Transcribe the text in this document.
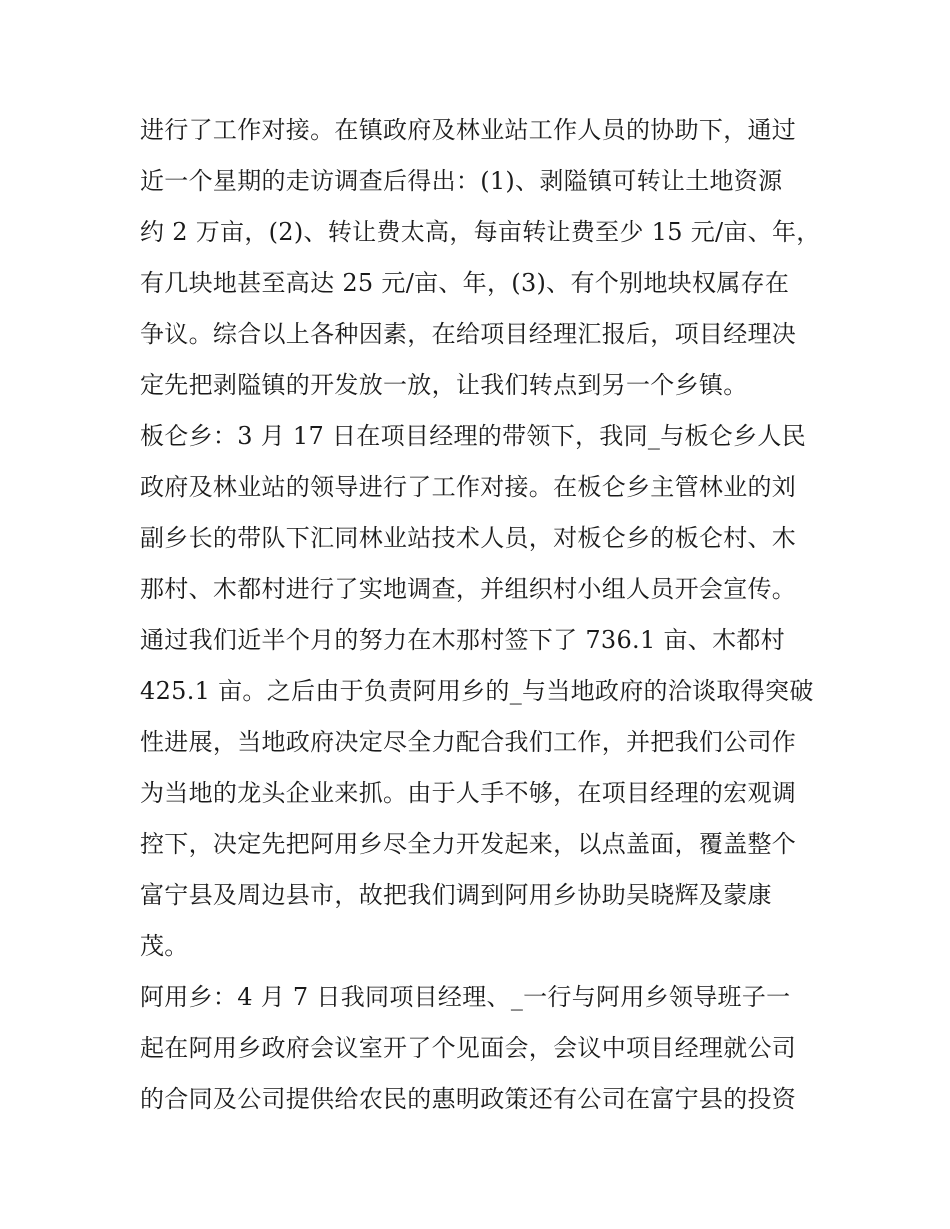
进行了工作对接。在镇政府及林业站工作人员的协助下，通过
近一个星期的走访调查后得出：(1)、剥隘镇可转让土地资源
约 2 万亩，(2)、转让费太高，每亩转让费至少 15 元/亩、年，
有几块地甚至高达 25 元/亩、年，(3)、有个别地块权属存在
争议。综合以上各种因素，在给项目经理汇报后，项目经理决
定先把剥隘镇的开发放一放，让我们转点到另一个乡镇。
板仑乡：3 月 17 日在项目经理的带领下，我同_与板仑乡人民
政府及林业站的领导进行了工作对接。在板仑乡主管林业的刘
副乡长的带队下汇同林业站技术人员，对板仑乡的板仑村、木
那村、木都村进行了实地调查，并组织村小组人员开会宣传。
通过我们近半个月的努力在木那村签下了 736.1 亩、木都村
425.1 亩。之后由于负责阿用乡的_与当地政府的洽谈取得突破
性进展，当地政府决定尽全力配合我们工作，并把我们公司作
为当地的龙头企业来抓。由于人手不够，在项目经理的宏观调
控下，决定先把阿用乡尽全力开发起来，以点盖面，覆盖整个
富宁县及周边县市，故把我们调到阿用乡协助吴晓辉及蒙康
茂。
阿用乡：4 月 7 日我同项目经理、_一行与阿用乡领导班子一
起在阿用乡政府会议室开了个见面会，会议中项目经理就公司
的合同及公司提供给农民的惠明政策还有公司在富宁县的投资
